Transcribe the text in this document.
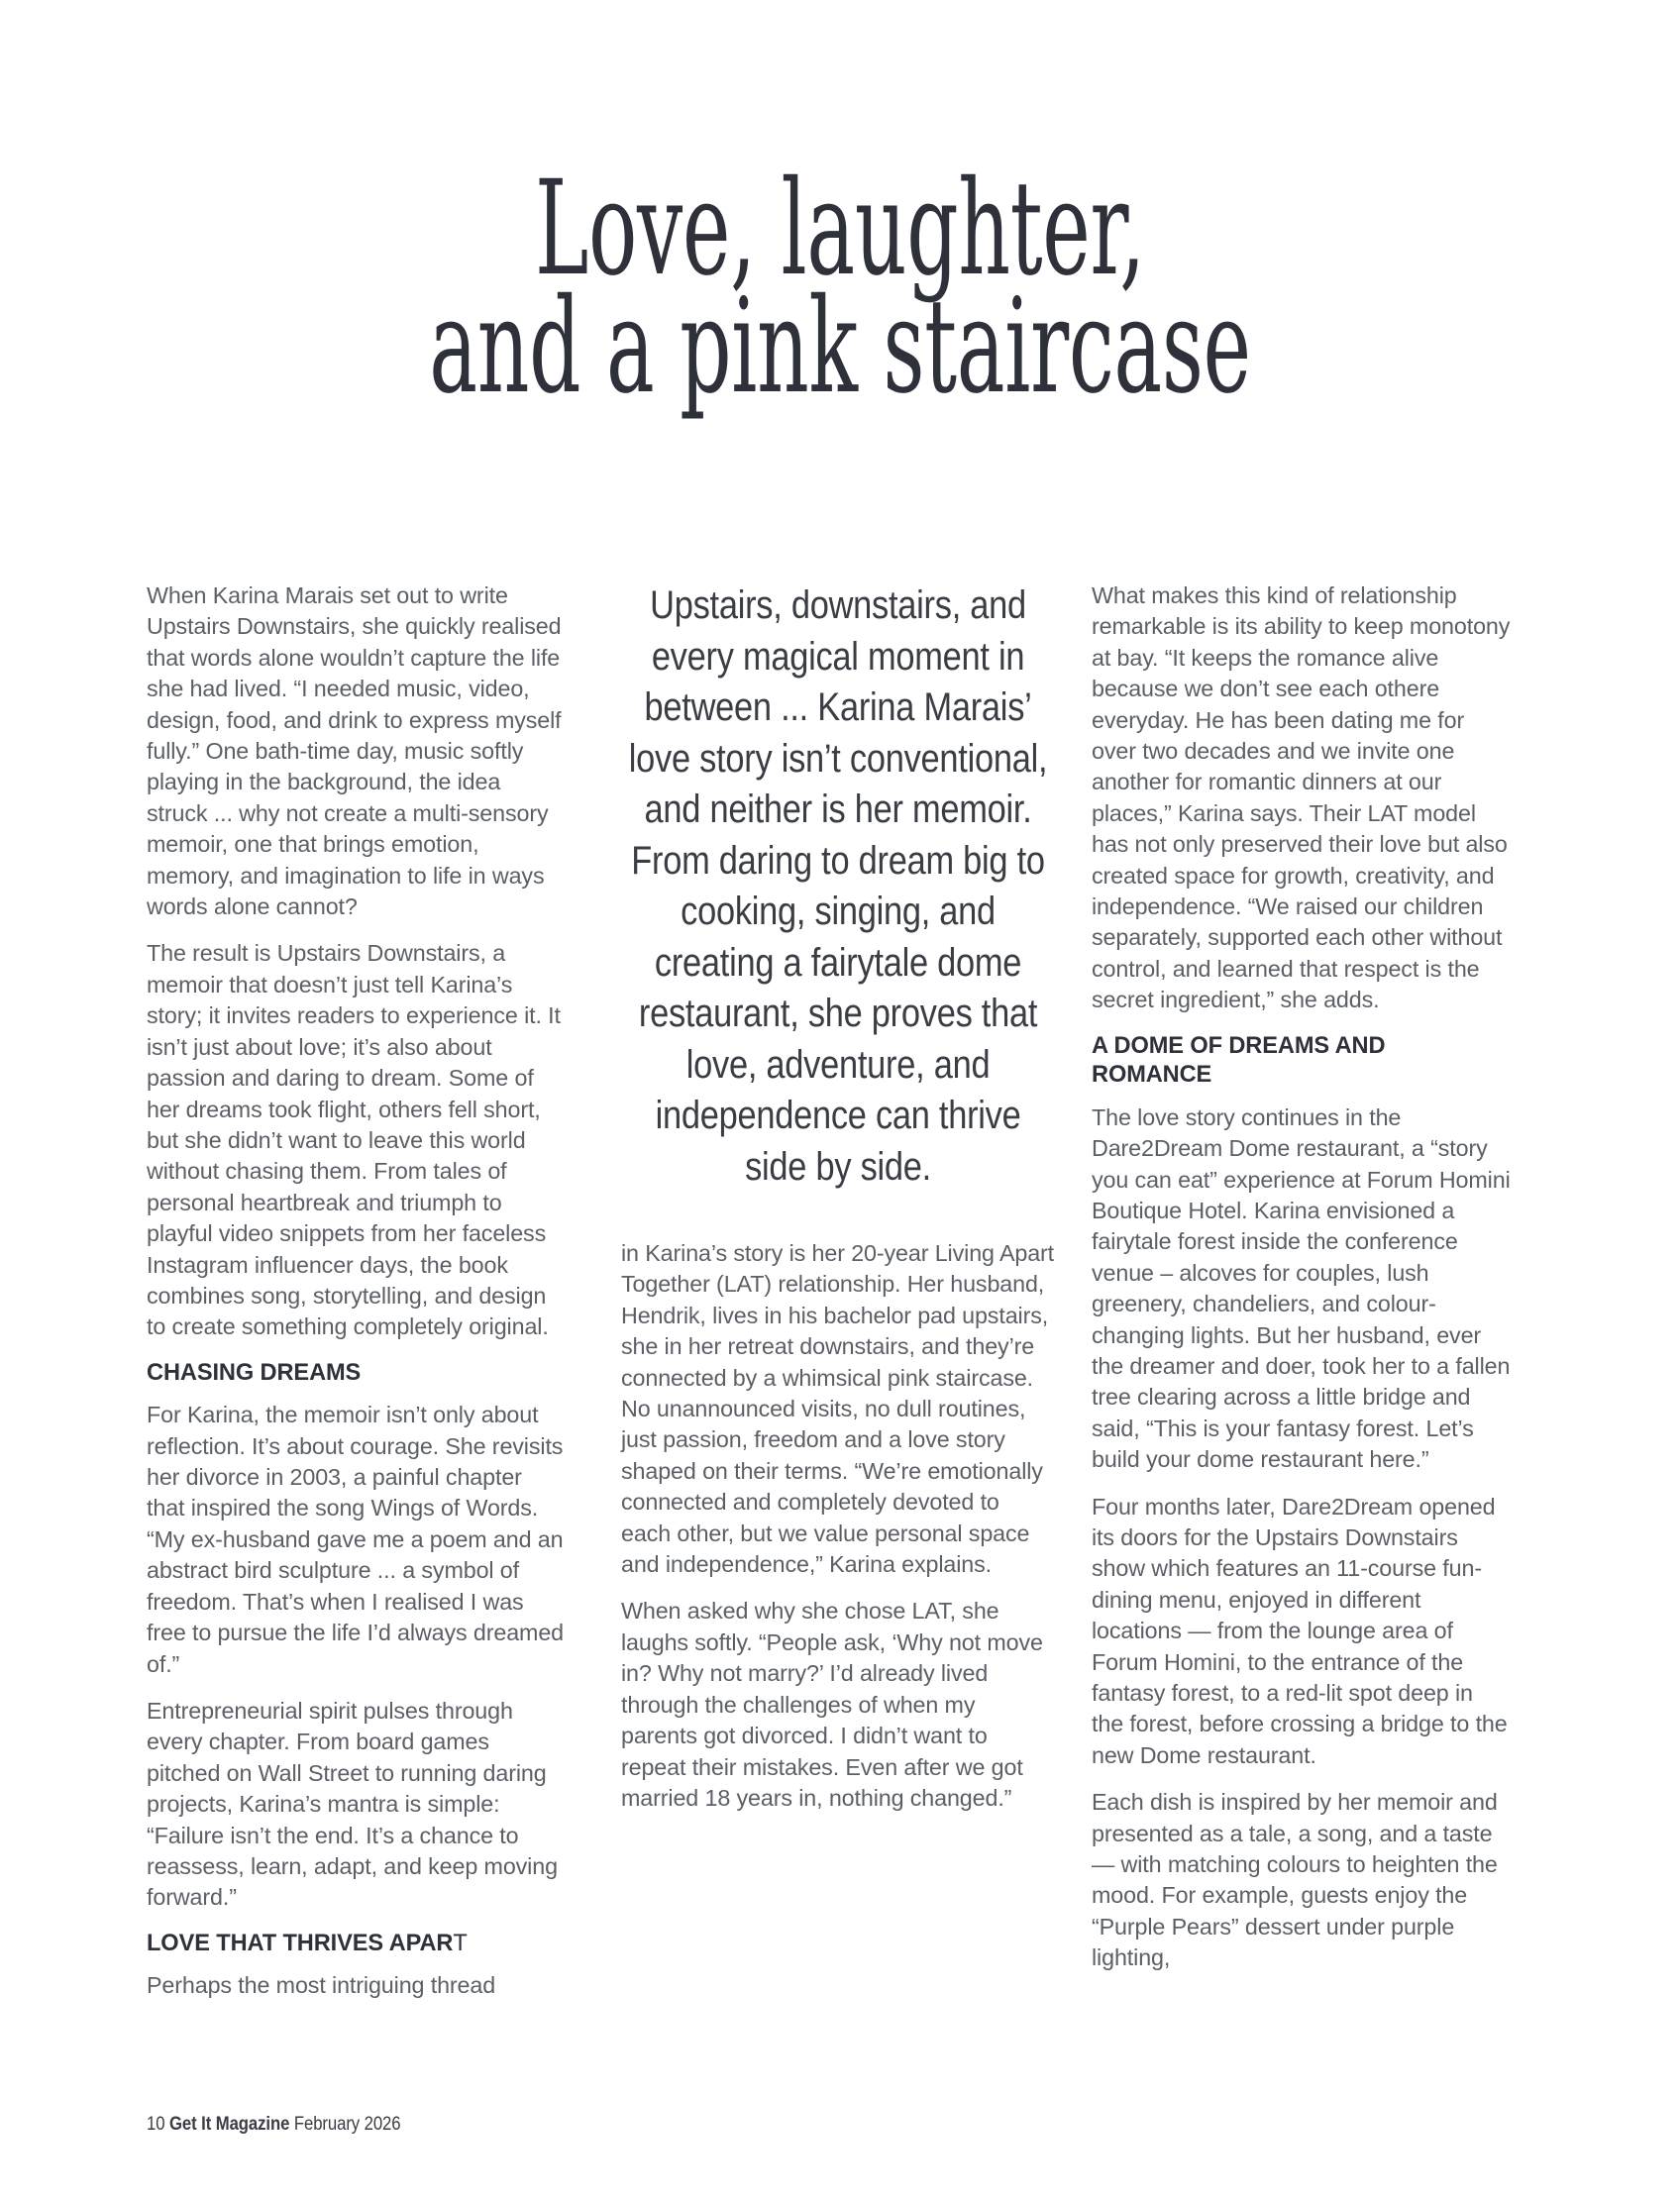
Love, laughter,
and a pink staircase

When Karina Marais set out to write Upstairs Downstairs, she quickly realised that words alone wouldn’t capture the life she had lived. “I needed music, video, design, food, and drink to express myself fully.” One bath-time day, music softly playing in the background, the idea struck ... why not create a multi-sensory memoir, one that brings emotion, memory, and imagination to life in ways words alone cannot?

The result is Upstairs Downstairs, a memoir that doesn’t just tell Karina’s story; it invites readers to experience it. It isn’t just about love; it’s also about passion and daring to dream. Some of her dreams took flight, others fell short, but she didn’t want to leave this world without chasing them. From tales of personal heartbreak and triumph to playful video snippets from her faceless Instagram influencer days, the book combines song, storytelling, and design to create something completely original.

CHASING DREAMS

For Karina, the memoir isn’t only about reflection. It’s about courage. She revisits her divorce in 2003, a painful chapter that inspired the song Wings of Words. “My ex-husband gave me a poem and an abstract bird sculpture ... a symbol of freedom. That’s when I realised I was free to pursue the life I’d always dreamed of.”

Entrepreneurial spirit pulses through every chapter. From board games pitched on Wall Street to running daring projects, Karina’s mantra is simple: “Failure isn’t the end. It’s a chance to reassess, learn, adapt, and keep moving forward.”

LOVE THAT THRIVES APART

Perhaps the most intriguing thread

Upstairs, downstairs, and every magical moment in between ... Karina Marais’ love story isn’t conventional, and neither is her memoir. From daring to dream big to cooking, singing, and creating a fairytale dome restaurant, she proves that love, adventure, and independence can thrive side by side.

in Karina’s story is her 20-year Living Apart Together (LAT) relationship. Her husband, Hendrik, lives in his bachelor pad upstairs, she in her retreat downstairs, and they’re connected by a whimsical pink staircase. No unannounced visits, no dull routines, just passion, freedom and a love story shaped on their terms. “We’re emotionally connected and completely devoted to each other, but we value personal space and independence,” Karina explains.

When asked why she chose LAT, she laughs softly. “People ask, ‘Why not move in? Why not marry?’ I’d already lived through the challenges of when my parents got divorced. I didn’t want to repeat their mistakes. Even after we got married 18 years in, nothing changed.”

What makes this kind of relationship remarkable is its ability to keep monotony at bay. “It keeps the romance alive because we don’t see each othere everyday. He has been dating me for over two decades and we invite one another for romantic dinners at our places,” Karina says. Their LAT model has not only preserved their love but also created space for growth, creativity, and independence. “We raised our children separately, supported each other without control, and learned that respect is the secret ingredient,” she adds.

A DOME OF DREAMS AND ROMANCE

The love story continues in the Dare2Dream Dome restaurant, a “story you can eat” experience at Forum Homini Boutique Hotel. Karina envisioned a fairytale forest inside the conference venue – alcoves for couples, lush greenery, chandeliers, and colour-changing lights. But her husband, ever the dreamer and doer, took her to a fallen tree clearing across a little bridge and said, “This is your fantasy forest. Let’s build your dome restaurant here.”

Four months later, Dare2Dream opened its doors for the Upstairs Downstairs show which features an 11-course fun-dining menu, enjoyed in different locations — from the lounge area of Forum Homini, to the entrance of the fantasy forest, to a red-lit spot deep in the forest, before crossing a bridge to the new Dome restaurant.

Each dish is inspired by her memoir and presented as a tale, a song, and a taste — with matching colours to heighten the mood. For example, guests enjoy the “Purple Pears” dessert under purple lighting,

10 Get It Magazine February 2026
